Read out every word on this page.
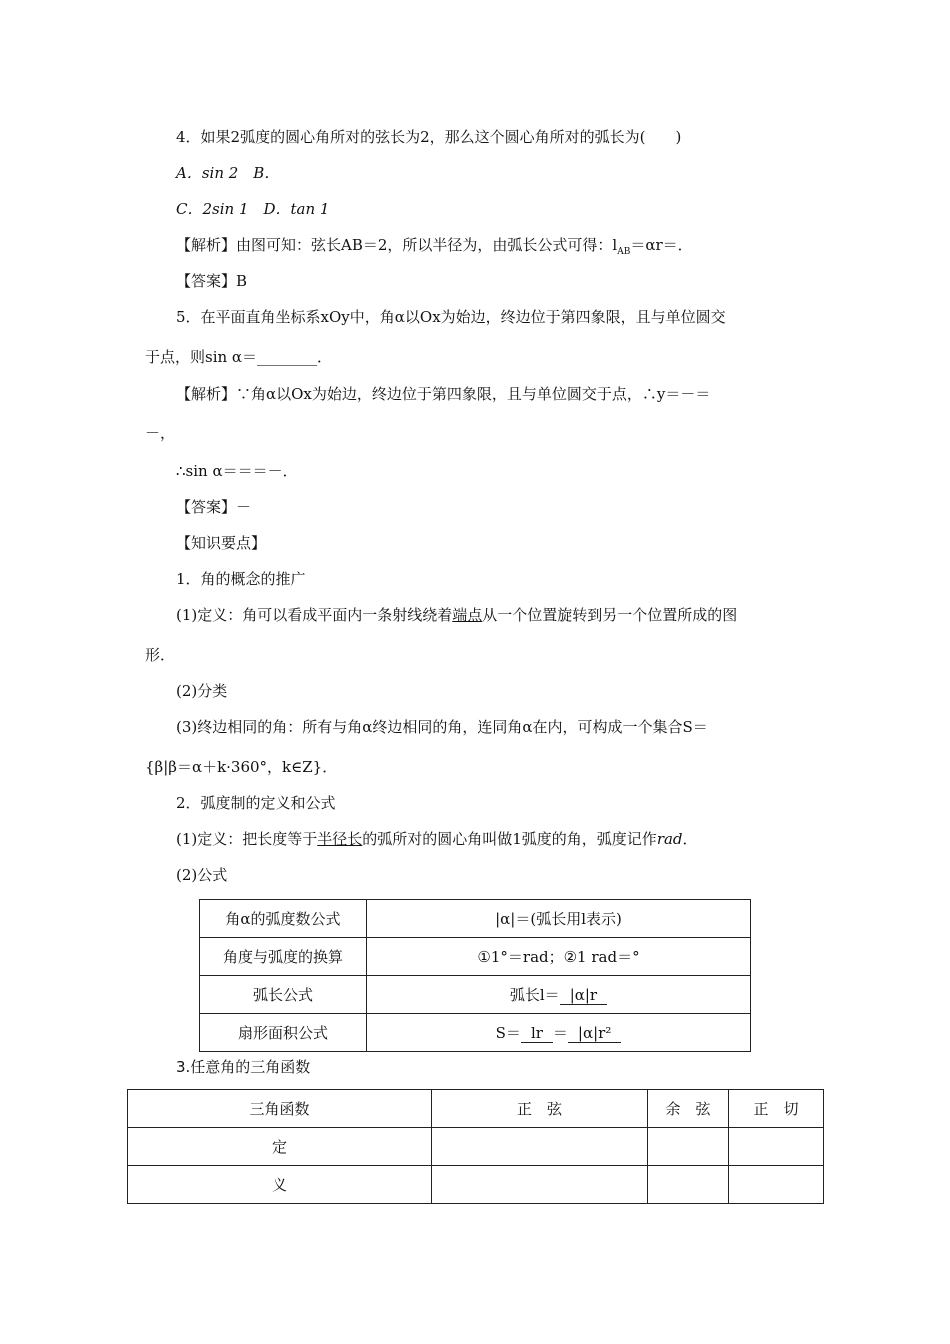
4．如果2弧度的圆心角所对的弦长为2，那么这个圆心角所对的弧长为(　　)
A．sin 2　B．
C．2sin 1　D．tan 1
【解析】由图可知：弦长AB＝2，所以半径为，由弧长公式可得：$l_{AB}=\alpha r=$．
【答案】B
5．在平面直角坐标系xOy中，角α以Ox为始边，终边位于第四象限，且与单位圆交
于点，则sin α＝________．
【解析】∵角α以Ox为始边，终边位于第四象限，且与单位圆交于点，∴y＝－＝
－，
∴sin α＝＝＝－．
【答案】－
【知识要点】
1．角的概念的推广
(1)定义：角可以看成平面内一条射线绕着端点从一个位置旋转到另一个位置所成的图
形．
(2)分类
(3)终边相同的角：所有与角α终边相同的角，连同角α在内，可构成一个集合S＝
{β|β＝α＋k·360°，k∈Z}．
2．弧度制的定义和公式
(1)定义：把长度等于半径长的弧所对的圆心角叫做1弧度的角，弧度记作rad．
(2)公式
角α的弧度数公式	|α|＝(弧长用l表示)
角度与弧度的换算	①1°＝rad；②1 rad＝°
弧长公式	弧长l＝ |α|r
扇形面积公式	S＝ lr ＝ |α|r²
3.任意角的三角函数
三角函数	正　弦	余　弦	正　切
定			
义			
